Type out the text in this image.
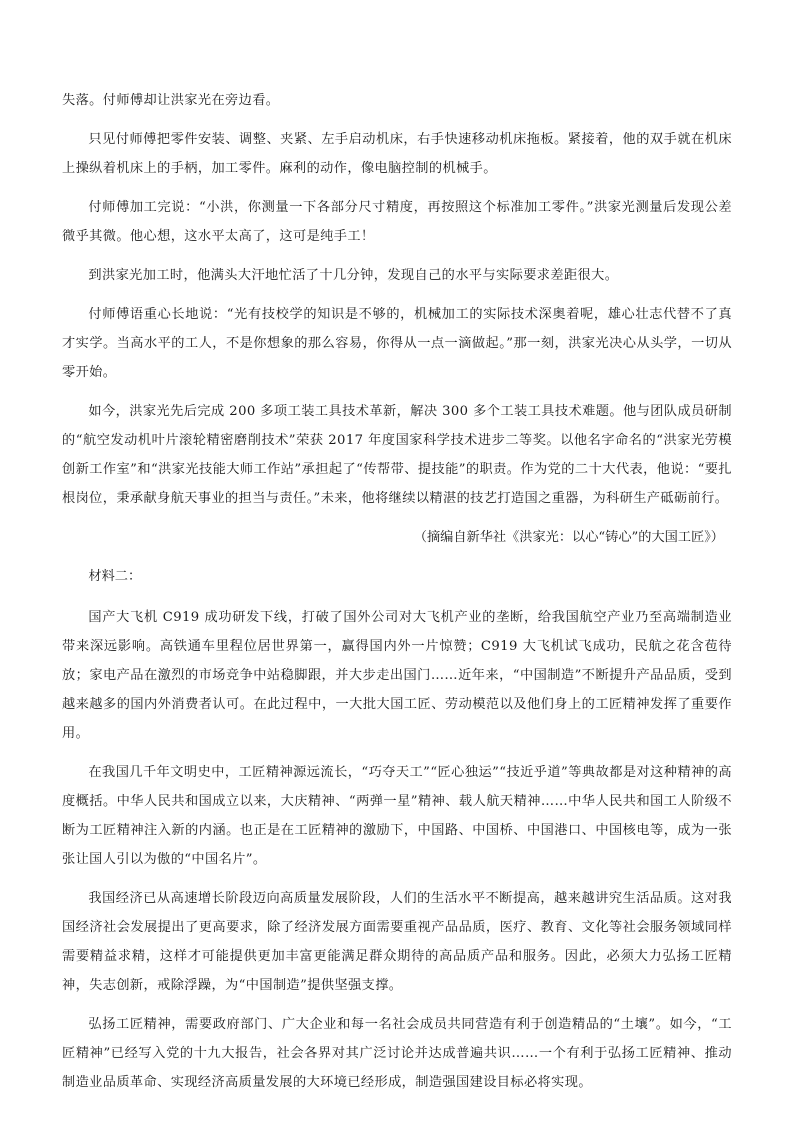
失落。付师傅却让洪家光在旁边看。

只见付师傅把零件安装、调整、夹紧、左手启动机床，右手快速移动机床拖板。紧接着，他的双手就在机床上操纵着机床上的手柄，加工零件。麻利的动作，像电脑控制的机械手。

付师傅加工完说：“小洪，你测量一下各部分尺寸精度，再按照这个标准加工零件。”洪家光测量后发现公差微乎其微。他心想，这水平太高了，这可是纯手工！

到洪家光加工时，他满头大汗地忙活了十几分钟，发现自己的水平与实际要求差距很大。

付师傅语重心长地说：“光有技校学的知识是不够的，机械加工的实际技术深奥着呢，雄心壮志代替不了真才实学。当高水平的工人，不是你想象的那么容易，你得从一点一滴做起。”那一刻，洪家光决心从头学，一切从零开始。

如今，洪家光先后完成 200 多项工装工具技术革新，解决 300 多个工装工具技术难题。他与团队成员研制的“航空发动机叶片滚轮精密磨削技术”荣获 2017 年度国家科学技术进步二等奖。以他名字命名的“洪家光劳模创新工作室”和“洪家光技能大师工作站”承担起了“传帮带、提技能”的职责。作为党的二十大代表，他说：“要扎根岗位，秉承献身航天事业的担当与责任。”未来，他将继续以精湛的技艺打造国之重器，为科研生产砥砺前行。

（摘编自新华社《洪家光：以心“铸心”的大国工匠》）

材料二：

国产大飞机 C919 成功研发下线，打破了国外公司对大飞机产业的垄断，给我国航空产业乃至高端制造业带来深远影响。高铁通车里程位居世界第一，赢得国内外一片惊赞；C919 大飞机试飞成功，民航之花含苞待放；家电产品在激烈的市场竞争中站稳脚跟，并大步走出国门……近年来，“中国制造”不断提升产品品质，受到越来越多的国内外消费者认可。在此过程中，一大批大国工匠、劳动模范以及他们身上的工匠精神发挥了重要作用。

在我国几千年文明史中，工匠精神源远流长，“巧夺天工”“匠心独运”“技近乎道”等典故都是对这种精神的高度概括。中华人民共和国成立以来，大庆精神、“两弹一星”精神、载人航天精神……中华人民共和国工人阶级不断为工匠精神注入新的内涵。也正是在工匠精神的激励下，中国路、中国桥、中国港口、中国核电等，成为一张张让国人引以为傲的“中国名片”。

我国经济已从高速增长阶段迈向高质量发展阶段，人们的生活水平不断提高，越来越讲究生活品质。这对我国经济社会发展提出了更高要求，除了经济发展方面需要重视产品品质，医疗、教育、文化等社会服务领域同样需要精益求精，这样才可能提供更加丰富更能满足群众期待的高品质产品和服务。因此，必须大力弘扬工匠精神，失志创新，戒除浮躁，为“中国制造”提供坚强支撑。

弘扬工匠精神，需要政府部门、广大企业和每一名社会成员共同营造有利于创造精品的“土壤”。如今，“工匠精神”已经写入党的十九大报告，社会各界对其广泛讨论并达成普遍共识……一个有利于弘扬工匠精神、推动制造业品质革命、实现经济高质量发展的大环境已经形成，制造强国建设目标必将实现。
